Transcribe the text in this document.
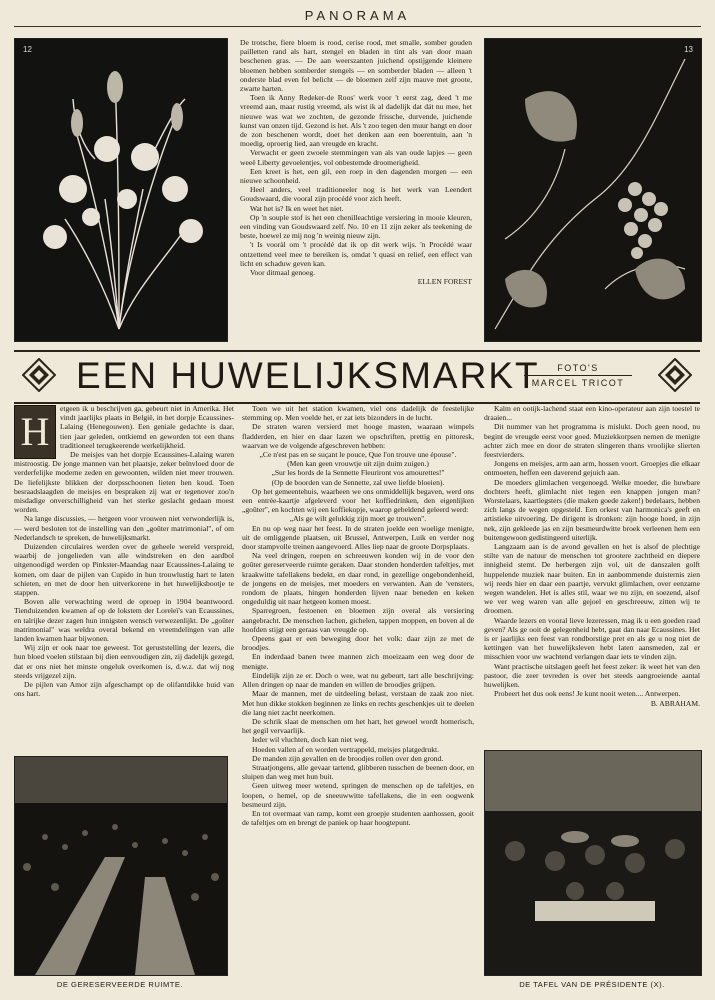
PANORAMA
12

De trotsche, fiere bloem is rood, cerise rood, met smalle, somber gouden pailletten rand als hart, stengel en bladen in tint als van door maan beschenen gras. — De aan weerszanten juichend opstijgende kleinere bloemen hebben somberder stengels — en somberder bladen — alleen 't onderste blad even fel belicht — de bloemen zelf zijn mauve met groote, zwarte harten.

Toen ik Anny Redeker-de Roos' werk voor 't eerst zag, deed 't me vreemd aan, maar rustig vreemd, als wist ik al dadelijk dat dát nu mee, het nieuwe was wat we zochten, de gezonde frissche, durvende, juichende kunst van onzen tijd. Gezond is het. Als 't zoo tegen den muur hangt en door de zon beschenen wordt, doet het denken aan een boerentuin, aan 'n moedig, oproerig lied, aan vreugde en kracht.

Verwacht er geen zwoele stemmingen van als van oude lapjes — geen weeë Liberty gevoelentjes, vol onbestemde droomerigheid.

Een kreet is het, een gil, een roep in den dagenden morgen — een nieuwe schoonheid.

Heel anders, veel traditioneeler nog is het werk van Leendert Goudswaard, die vooral zijn procédé voor zich heeft.

Wat het is? Ik en weet het niet.

Op 'n souple stof is het een chenilleachtige versiering in mooie kleuren, een vinding van Goudswaard zelf. No. 10 en 11 zijn zeker als teekening de beste, hoewel ze mij nog 'n weinig nieuw zijn.

't Is vooràl om 't procédé dat ik op dit werk wijs. 'n Procédé waar ontzettend veel mee te bereiken is, omdat 't quasi en relief, een effect van licht en schaduw geven kan.

Voor ditmaal genoeg.

ELLEN FOREST

13
EEN HUWELIJKSMARKT	FOTO'S
MARCEL TRICOT

H
etgeen ik u beschrijven ga, gebeurt niet in Amerika. Het vindt jaarlijks plaats in België, in het dorpje Ecaussines-Lalaing (Henegouwen). Een geniale gedachte is daar, tien jaar geleden, ontkiemd en geworden tot een thans traditioneel terugkeerende werkelijkheid.

De meisjes van het dorpje Ecaussines-Lalaing waren mistroostig. De jonge mannen van het plaatsje, zeker beïnvloed door de verderfelijke moderne zeden en gewoonten, wilden niet meer trouwen. De liefelijkste blikken der dorpsschoonen lieten hen koud. Toen besraadslaagden de meisjes en bespraken zij wat er tegenover zoo'n misdadige onverschilligheid van het sterke geslacht gedaan moest worden.

Na lange discussies, — hetgeen voor vrouwen niet verwonderlijk is, — werd besloten tot de instelling van den „goûter matrimonial", of om Nederlandsch te spreken, de huwelijksmarkt.

Duizenden circulaires werden over de geheele wereld verspreid, waarbij de jongelieden van alle windstreken en den aardbol uitgenoodigd werden op Pinkster-Maandag naar Ecaussines-Lalaing te komen, om daar de pijlen van Cupido in hun trouwlustig hart te laten schieten, en met de door hen uitverkorene in het huwelijksbootje te stappen.

Boven alle verwachting werd de oproep in 1904 beantwoord. Tienduizenden kwamen af op de lokstem der Loreleï's van Ecaussines, en talrijke dezer zagen hun innigsten wensch verwezenlijkt. De „goûter matrimonial" was weldra overal bekend en vreemdelingen van alle landen kwamen haar bijwonen.

Wij zijn er ook naar toe geweest. Tot geruststelling der lezers, die hun bloed voelen stilstaan bij dien eenvoudigen zin, zij dadelijk gezegd, dat er ons niet het minste ongeluk overkomen is, d.w.z. dat wij nog steeds vrijgezel zijn.

De pijlen van Amor zijn afgeschampt op de olifantdikke huid van ons hart.

DE GERESERVEERDE RUIMTE.

Toen we uit het station kwamen, viel ons dadelijk de feestelijke stemming op. Men voelde het, er zat iets bizonders in de lucht.

De straten waren versierd met hooge masten, waaraan wimpels fladderden, en hier en daar lazen we opschriften, prettig en pittoresk, waarvan we de volgende afgeschreven hebben:

„Ce n'est pas en se suçant le pouce, Que l'on trouve une épouse".

(Men kan geen vrouwtje uit zijn duim zuigen.)

„Sur les bords de la Sennette Fleuriront vos amourettes!"

(Op de boorden van de Sennette, zal uwe liefde bloeien).

Op het gemeentehuis, waarheen we ons onmiddellijk begaven, werd ons een entrée-kaartje afgeleverd voor het koffiedrinken, den eigenlijken „goûter", en kochten wij een koffiekopje, waarop gebeldend geleerd werd:

„Als ge wilt gelukkig zijn moet ge trouwen".

En nu op weg naar het feest. In de straten joelde een woelige menigte, uit de omliggende plaatsen, uit Brussel, Antwerpen, Luik en verder nog door stampvolle treinen aangevoerd. Alles liep naar de groote Dorpsplaats.

Na veel dringen, roepen en schreeuwen konden wij in de voor den goûter gereserveerde ruimte geraken. Daar stonden honderden tafeltjes, met kraakwitte tafellakens bedekt, en daar rond, in gezellige ongebondenheid, de jongens en de meisjes, met moeders en verwanten. Aan de 'vensters, rondom de plaats, hingen honderden lijven naar beneden en keken ongeduldig uit naar hetgeen komen moest.

Sparregroen, festoenen en bloemen zijn overal als versiering aangebracht. De menschen lachen, gichelen, tappen moppen, en boven al de hoofden stijgt een geraas van vreugde op.

Opeens gaat er een beweging door het volk: daar zijn ze met de broodjes.

En inderdaad banen twee mannen zich moeizaam een weg door de menigte.

Eindelijk zijn ze er. Doch o wee, wat nu gebeurt, tart alle beschrijving: Allen dringen op naar de manden en willen de broodjes grijpen.

Maar de mannen, met de uitdeeling belast, verstaan de zaak zoo niet. Met hun dikke stokken beginnen ze links en rechts geschenkjes uit te deelen die lang niet zacht neerkomen.

De schrik slaat de menschen om het hart, het gewoel wordt homerisch, het gegil vervaarlijk.

Ieder wil vluchten, doch kan niet weg.

Hoeden vallen af en worden vertrappeld, meisjes platgedrukt.

De manden zijn gevallen en de broodjes rollen over den grond.

Straatjongens, alle gevaar tartend, glibberen tusschen de beenen door, en sluipen dan weg met hun buit.

Geen uitweg meer wetend, springen de menschen op de tafeltjes, en loopen, o hemel, op de sneeuwwitte tafellakens, die in een oogwenk besmeurd zijn.

En tot overmaat van ramp, komt een groepje studenten aanhossen, gooit de tafeltjes om en brengt de paniek op haar hoogtepunt.

Kalm en ootijk-lachend staat een kino-operateur aan zijn toestel te draaien...

Dit nummer van het programma is mislukt. Doch geen nood, nu begint de vreugde eerst voor goed. Muziekkorpsen nemen de menigte achter zich mee en door de straten slingeren thans vroolijke slierten feestvierders.

Jongens en meisjes, arm aan arm, hossen voort. Groepjes die elkaar ontmoeten, heffen een daverend gejuich aan.

De moeders glimlachen vergenoegd. Welke moeder, die huwbare dochters heeft, glimlacht niet tegen een knappen jongen man? Worstelaars, kaartlegsters (die maken goede zaken!) bedelaars, hebben zich langs de wegen opgesteld. Een orkest van harmonica's geeft en artistieke uitvoering. De dirigent is dronken: zijn hooge hoed, in zijn nek, zijn gekleede jas en zijn besmeurdwitte broek verleenen hem een buitengewoon gedistingeerd uiterlijk.

Langzaam aan is de avond gevallen en het is alsof de plechtige stilte van de natuur de menschen tot grootere zachtheid en diepere innigheid stemt. De herbergen zijn vol, uit de danszalen golft huppelende muziek naar buiten. En in aanbommende duisternis zien wij reeds hier en daar een paartje, vervukt glimlachen, over eenzame wegen wandelen. Het is alles stil, waar we nu zijn, en soezend, alsof we ver weg waren van alle gejoel en geschreeuw, zitten wij te droomen.

Waarde lezers en vooral lieve lezeressen, mag ik u een goeden raad geven? Als ge ooit de gelegenheid hebt, gaat dan naar Ecaussines. Het is er jaarlijks een feest van rondborstige pret en als ge u nog niet de kettingen van het huwelijksleven hebt laten aansmeden, zal er misschien voor uw wachtend verlangen daar iets te vinden zijn.

Want practische uitslagen geeft het feest zeker: ik weet het van den pastoor, die zeer tevreden is over het steeds aangroeiende aantal huwelijken.

Probeert het dus ook eens! Je kunt nooit weten.... Antwerpen.

B. ABRAHAM.

DE TAFEL VAN DE PRÉSIDENTE (X).
